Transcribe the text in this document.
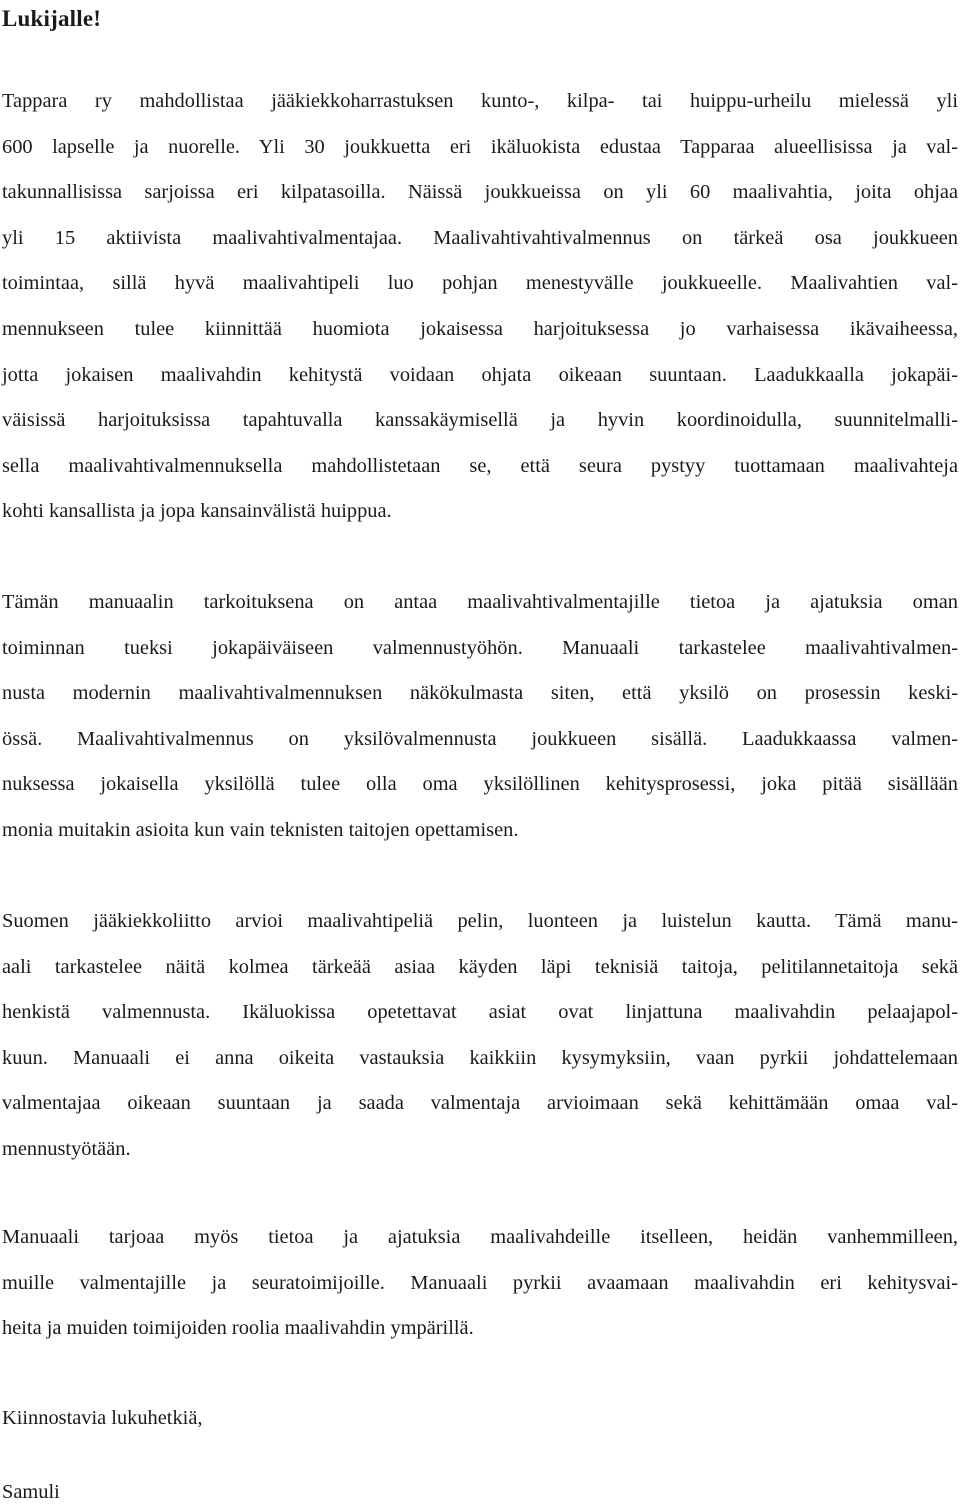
Lukijalle!

Tappara ry mahdollistaa jääkiekkoharrastuksen kunto-, kilpa- tai huippu-urheilu mielessä yli
600 lapselle ja nuorelle. Yli 30 joukkuetta eri ikäluokista edustaa Tapparaa alueellisissa ja val-
takunnallisissa sarjoissa eri kilpatasoilla. Näissä joukkueissa on yli 60 maalivahtia, joita ohjaa
yli 15 aktiivista maalivahtivalmentajaa. Maalivahtivahtivalmennus on tärkeä osa joukkueen
toimintaa, sillä hyvä maalivahtipeli luo pohjan menestyvälle joukkueelle. Maalivahtien val-
mennukseen tulee kiinnittää huomiota jokaisessa harjoituksessa jo varhaisessa ikävaiheessa,
jotta jokaisen maalivahdin kehitystä voidaan ohjata oikeaan suuntaan. Laadukkaalla jokapäi-
väisissä harjoituksissa tapahtuvalla kanssakäymisellä ja hyvin koordinoidulla, suunnitelmalli-
sella maalivahtivalmennuksella mahdollistetaan se, että seura pystyy tuottamaan maalivahteja
kohti kansallista ja jopa kansainvälistä huippua.

Tämän manuaalin tarkoituksena on antaa maalivahtivalmentajille tietoa ja ajatuksia oman
toiminnan tueksi jokapäiväiseen valmennustyöhön. Manuaali tarkastelee maalivahtivalmen-
nusta modernin maalivahtivalmennuksen näkökulmasta siten, että yksilö on prosessin keski-
össä. Maalivahtivalmennus on yksilövalmennusta joukkueen sisällä. Laadukkaassa valmen-
nuksessa jokaisella yksilöllä tulee olla oma yksilöllinen kehitysprosessi, joka pitää sisällään
monia muitakin asioita kun vain teknisten taitojen opettamisen.

Suomen jääkiekkoliitto arvioi maalivahtipeliä pelin, luonteen ja luistelun kautta. Tämä manu-
aali tarkastelee näitä kolmea tärkeää asiaa käyden läpi teknisiä taitoja, pelitilannetaitoja sekä
henkistä valmennusta. Ikäluokissa opetettavat asiat ovat linjattuna maalivahdin pelaajapol-
kuun. Manuaali ei anna oikeita vastauksia kaikkiin kysymyksiin, vaan pyrkii johdattelemaan
valmentajaa oikeaan suuntaan ja saada valmentaja arvioimaan sekä kehittämään omaa val-
mennustyötään.

Manuaali tarjoaa myös tietoa ja ajatuksia maalivahdeille itselleen, heidän vanhemmilleen,
muille valmentajille ja seuratoimijoille. Manuaali pyrkii avaamaan maalivahdin eri kehitysvai-
heita ja muiden toimijoiden roolia maalivahdin ympärillä.

Kiinnostavia lukuhetkiä,

Samuli
